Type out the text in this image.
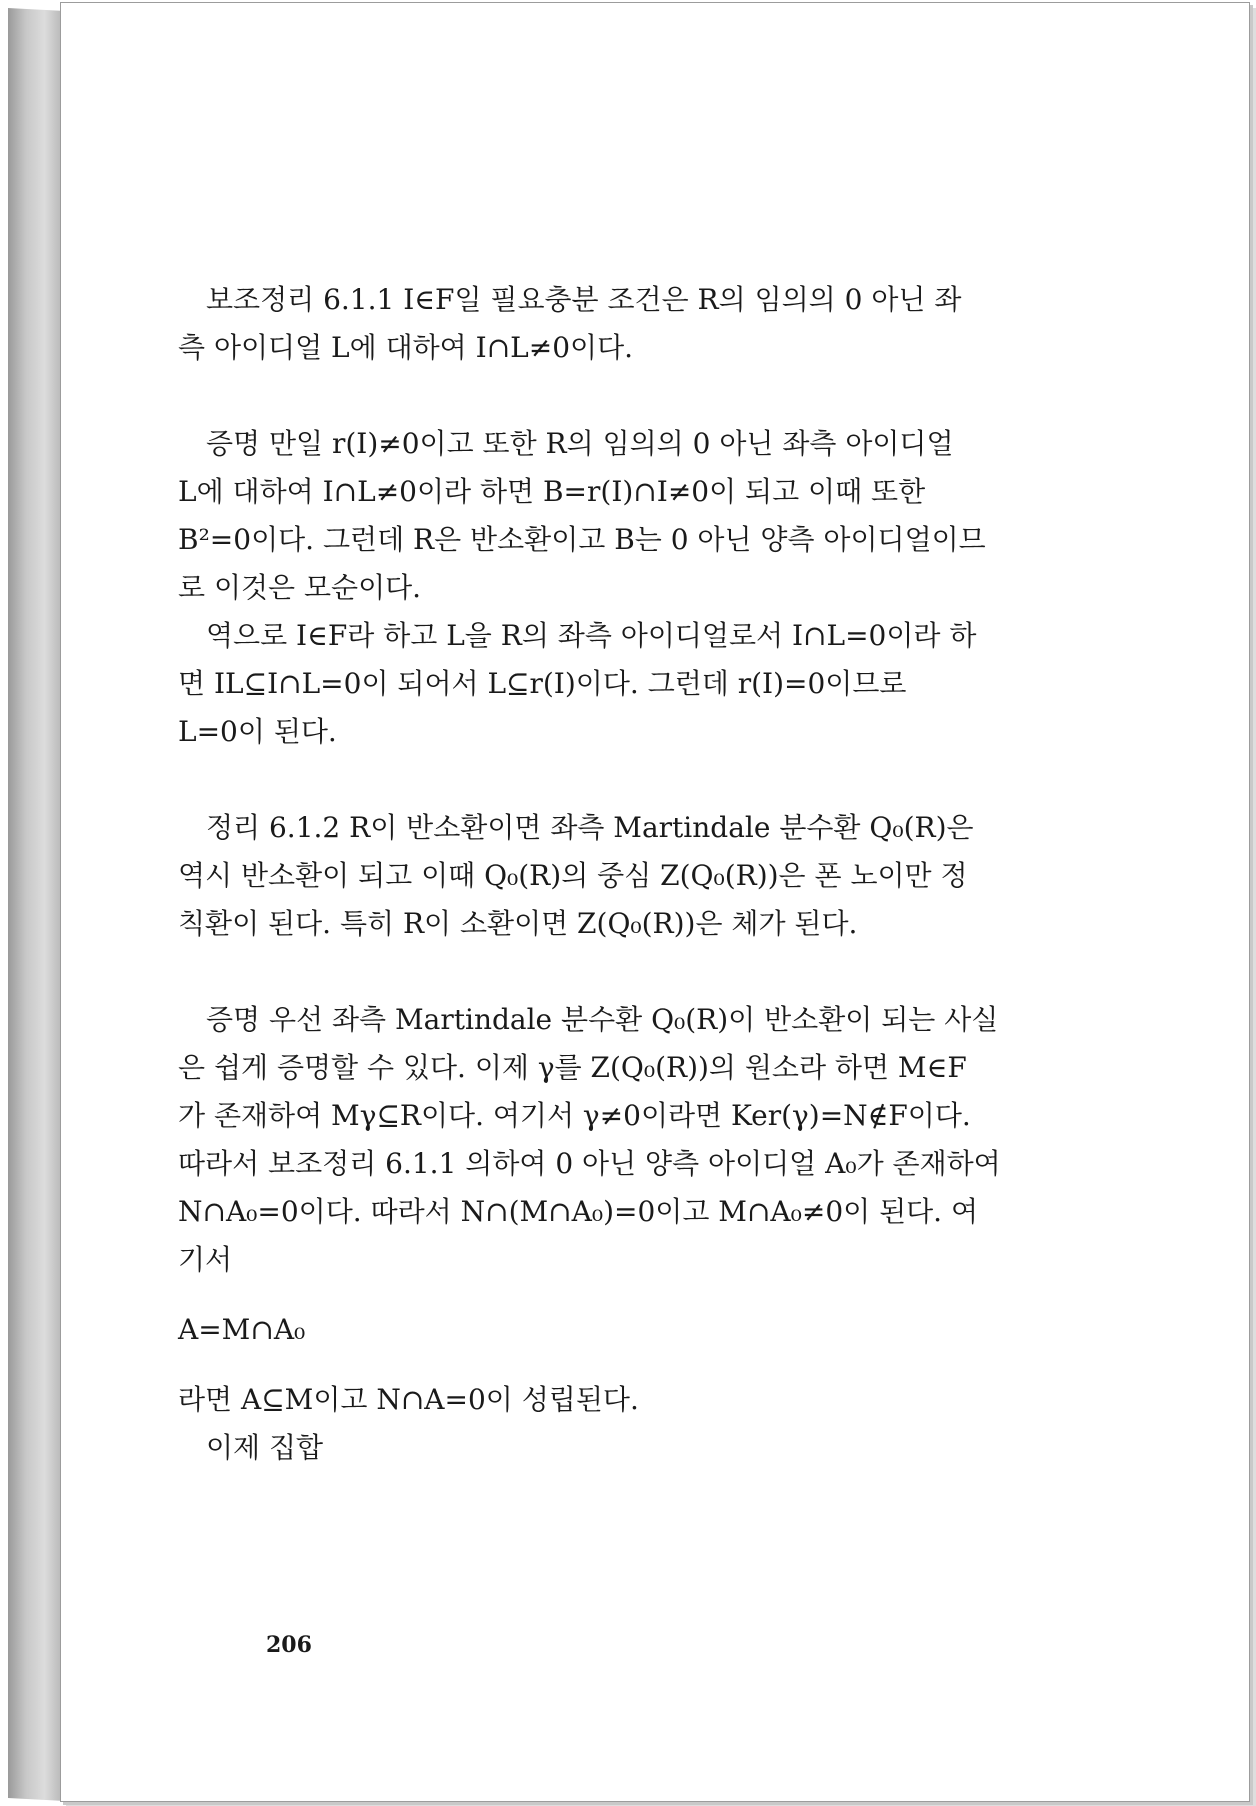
보조정리 6.1.1 I∈F일 필요충분 조건은 R의 임의의 0 아닌 좌

측 아이디얼 L에 대하여 I∩L≠0이다.

증명 만일 r(I)≠0이고 또한 R의 임의의 0 아닌 좌측 아이디얼

L에 대하여 I∩L≠0이라 하면 B=r(I)∩I≠0이 되고 이때 또한

B²=0이다. 그런데 R은 반소환이고 B는 0 아닌 양측 아이디얼이므

로 이것은 모순이다.

역으로 I∈F라 하고 L을 R의 좌측 아이디얼로서 I∩L=0이라 하

면 IL⊆I∩L=0이 되어서 L⊆r(I)이다. 그런데 r(I)=0이므로

L=0이 된다.

정리 6.1.2 R이 반소환이면 좌측 Martindale 분수환 Q₀(R)은

역시 반소환이 되고 이때 Q₀(R)의 중심 Z(Q₀(R))은 폰 노이만 정

칙환이 된다. 특히 R이 소환이면 Z(Q₀(R))은 체가 된다.

증명 우선 좌측 Martindale 분수환 Q₀(R)이 반소환이 되는 사실

은 쉽게 증명할 수 있다. 이제 γ를 Z(Q₀(R))의 원소라 하면 M∈F

가 존재하여 Mγ⊆R이다. 여기서 γ≠0이라면 Ker(γ)=N∉F이다.

따라서 보조정리 6.1.1 의하여 0 아닌 양측 아이디얼 A₀가 존재하여

N∩A₀=0이다. 따라서 N∩(M∩A₀)=0이고 M∩A₀≠0이 된다. 여

기서

A=M∩A₀

라면 A⊆M이고 N∩A=0이 성립된다.

이제 집합

206
